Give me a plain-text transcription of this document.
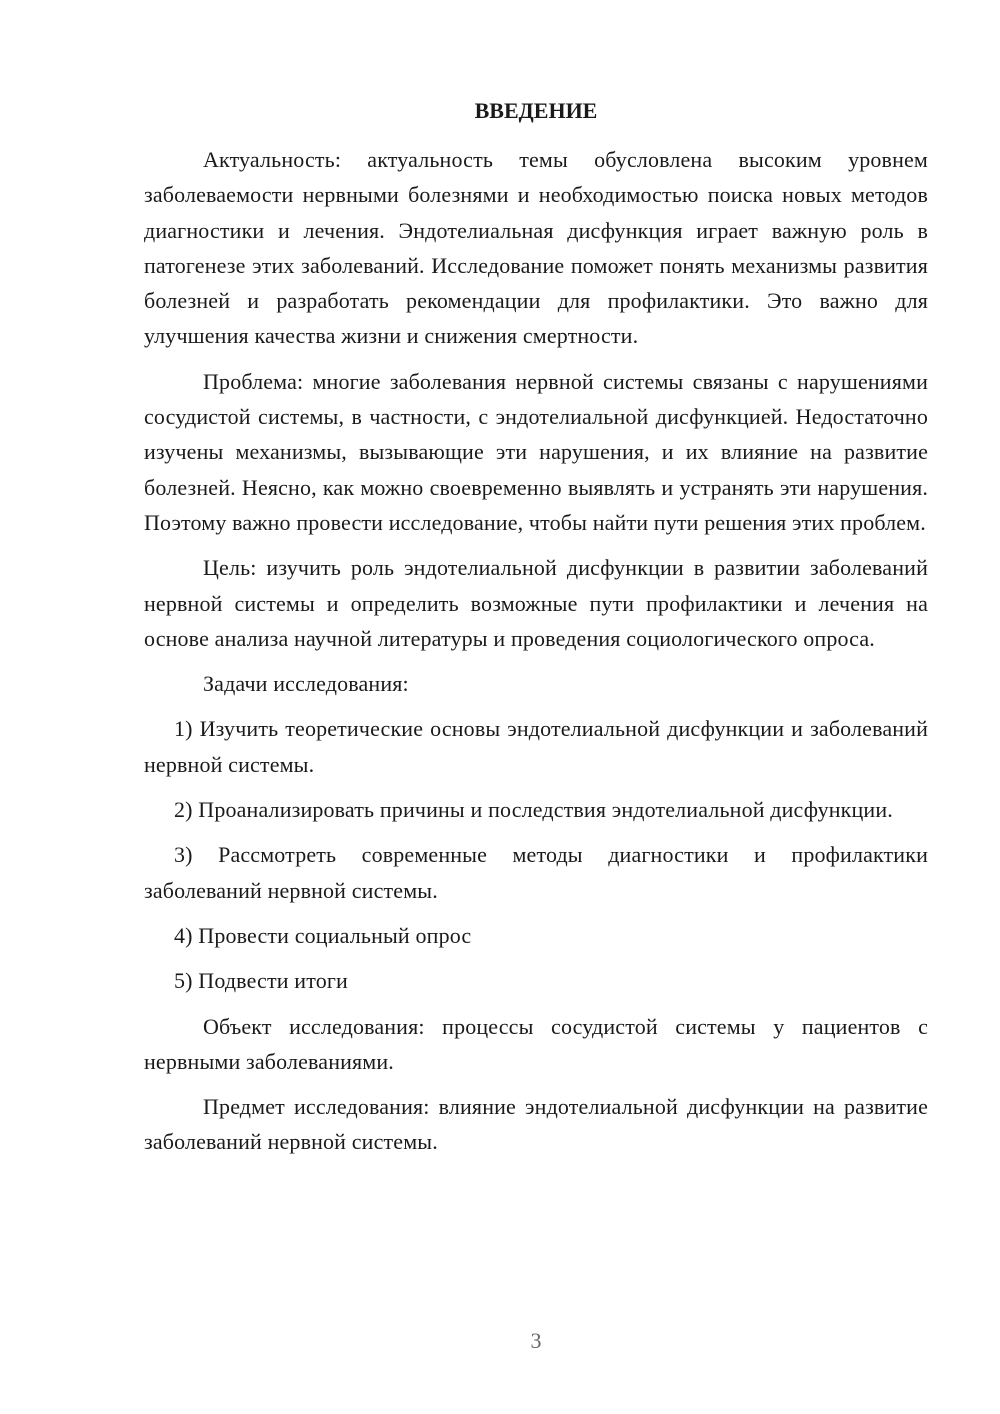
ВВЕДЕНИЕ

Актуальность: актуальность темы обусловлена высоким уровнем заболеваемости нервными болезнями и необходимостью поиска новых методов диагностики и лечения. Эндотелиальная дисфункция играет важную роль в патогенезе этих заболеваний. Исследование поможет понять механизмы развития болезней и разработать рекомендации для профилактики. Это важно для улучшения качества жизни и снижения смертности.

Проблема: многие заболевания нервной системы связаны с нарушениями сосудистой системы, в частности, с эндотелиальной дисфункцией. Недостаточно изучены механизмы, вызывающие эти нарушения, и их влияние на развитие болезней. Неясно, как можно своевременно выявлять и устранять эти нарушения. Поэтому важно провести исследование, чтобы найти пути решения этих проблем.

Цель: изучить роль эндотелиальной дисфункции в развитии заболеваний нервной системы и определить возможные пути профилактики и лечения на основе анализа научной литературы и проведения социологического опроса.

Задачи исследования:

1) Изучить теоретические основы эндотелиальной дисфункции и заболеваний нервной системы.

2) Проанализировать причины и последствия эндотелиальной дисфункции.

3) Рассмотреть современные методы диагностики и профилактики заболеваний нервной системы.

4) Провести социальный опрос

5) Подвести итоги

Объект исследования: процессы сосудистой системы у пациентов с нервными заболеваниями.

Предмет исследования: влияние эндотелиальной дисфункции на развитие заболеваний нервной системы.

3
